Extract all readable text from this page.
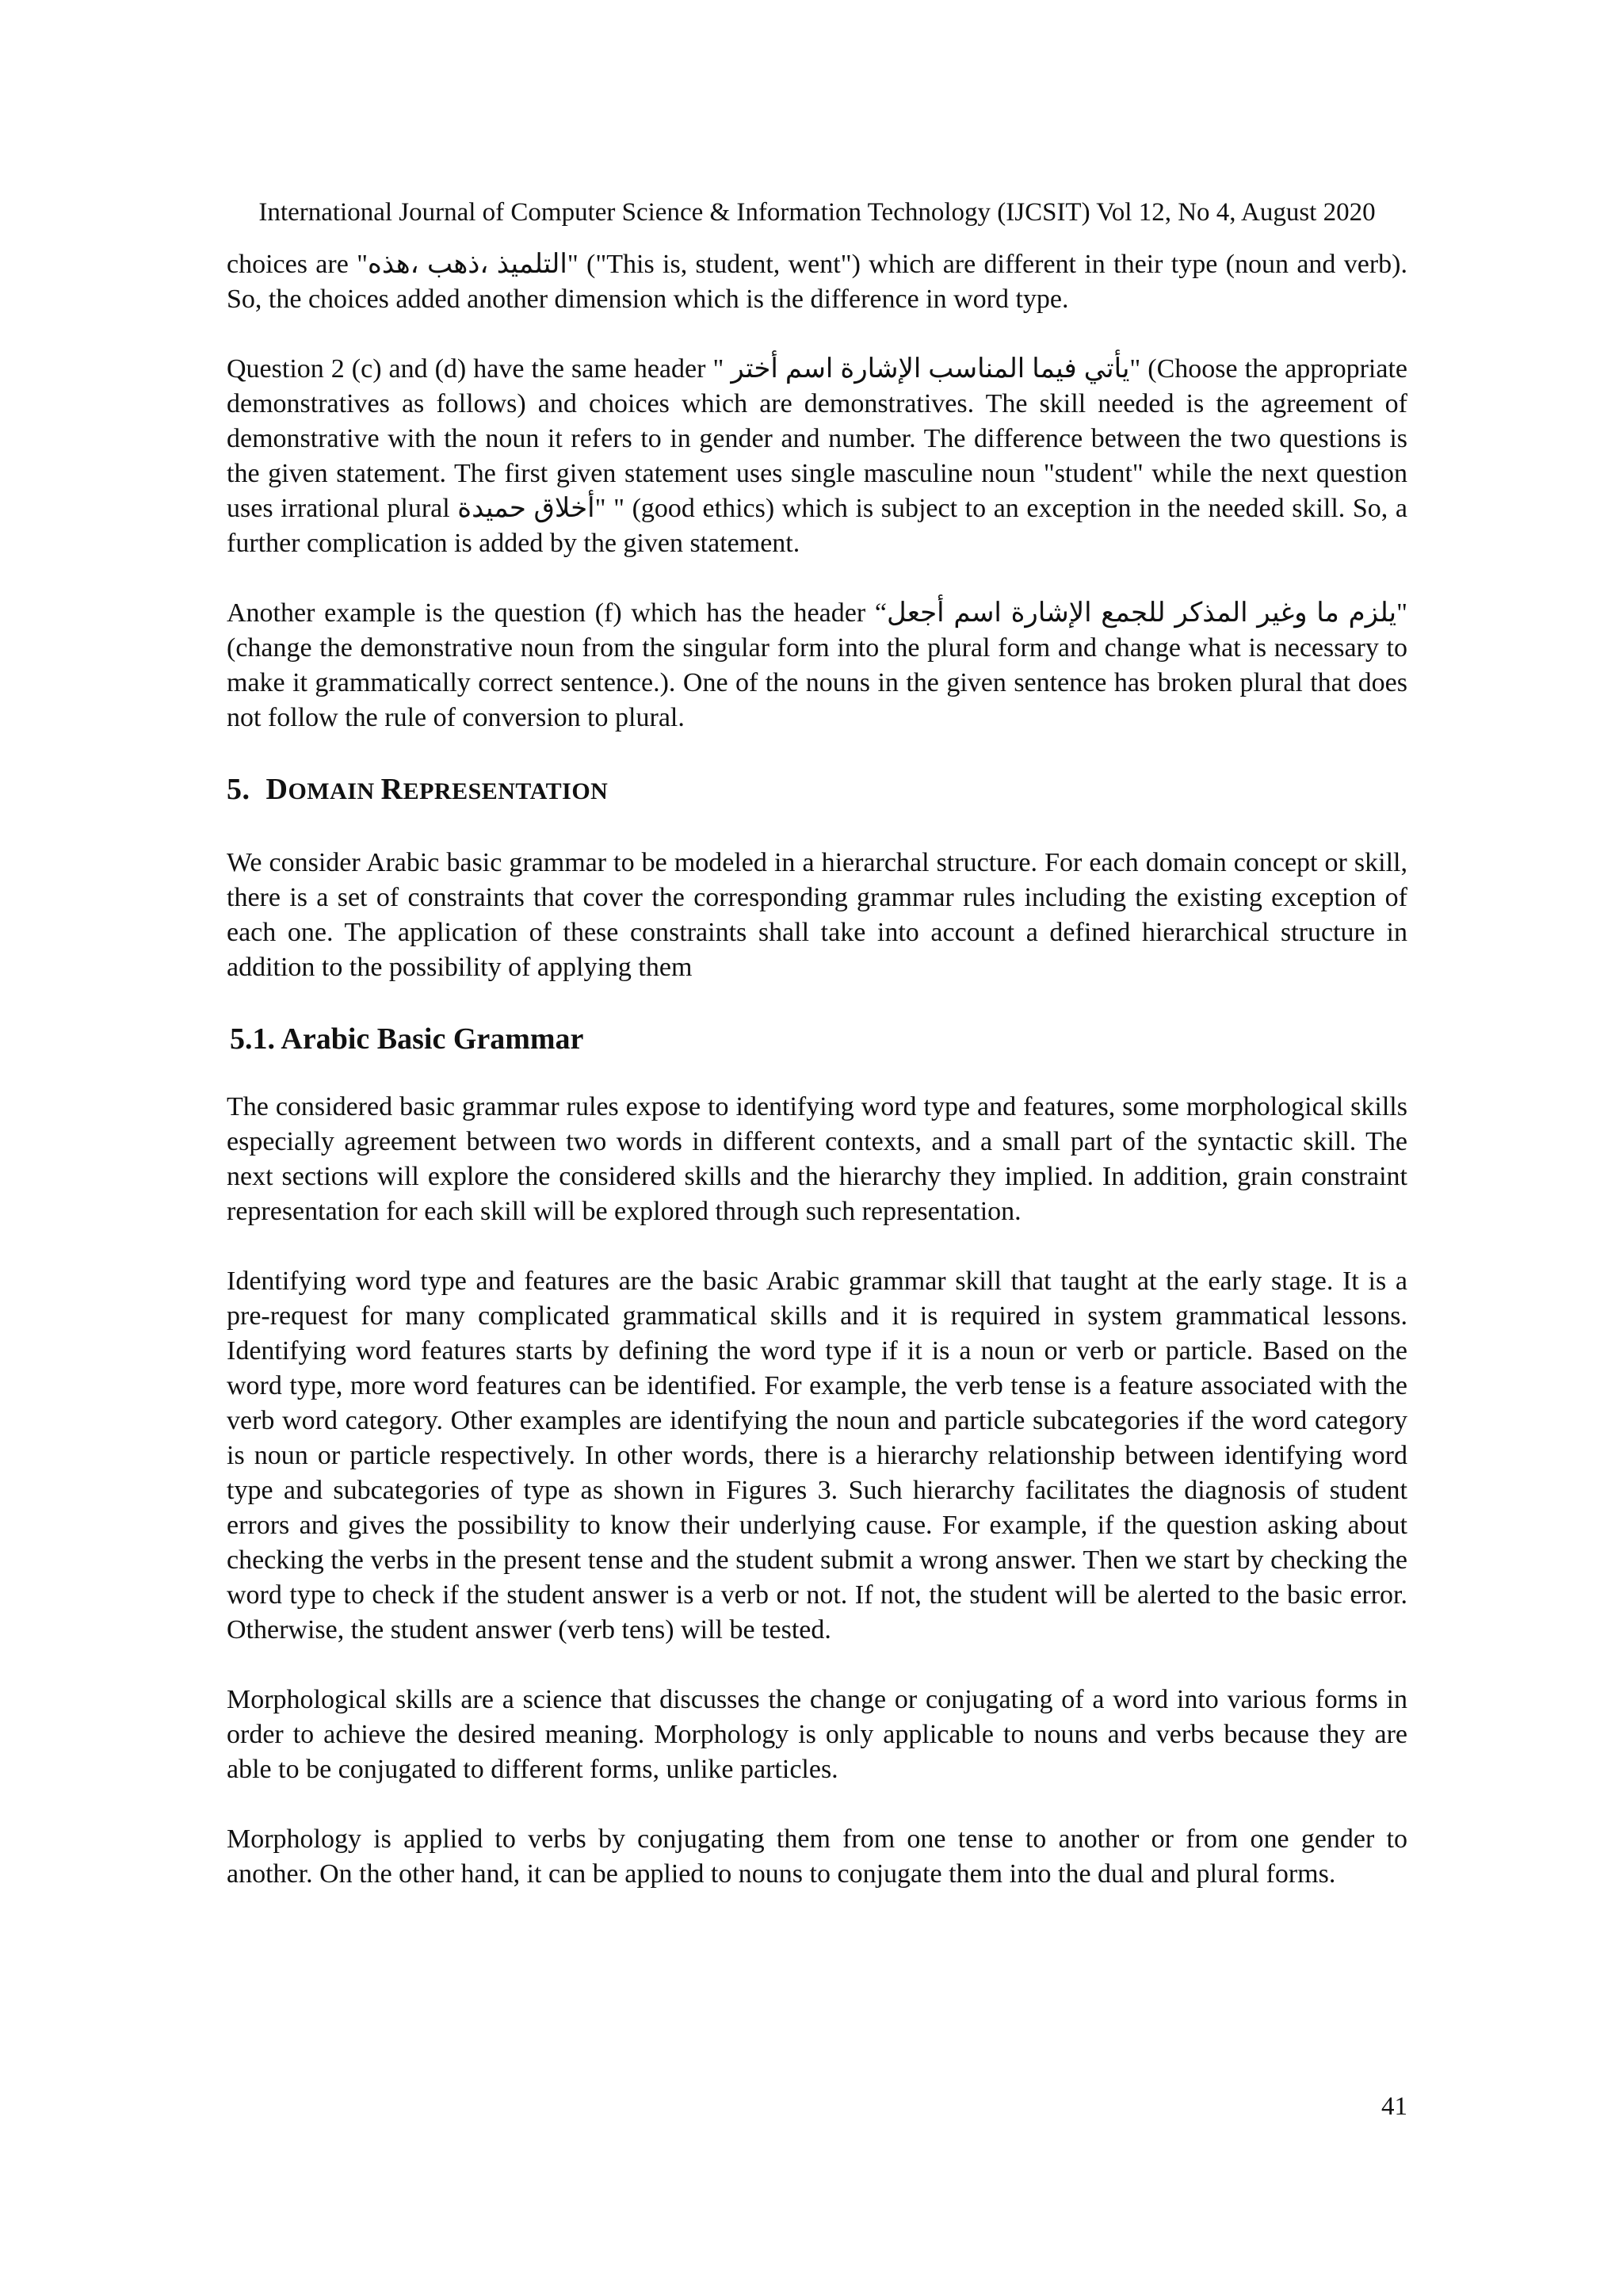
International Journal of Computer Science & Information Technology (IJCSIT) Vol 12, No 4, August 2020

choices are "التلميذ ،ذهب ،هذه" ("This is, student, went") which are different in their type (noun and verb). So, the choices added another dimension which is the difference in word type.

Question 2 (c) and (d) have the same header " يأتي فيما المناسب الإشارة اسم أختر" (Choose the appropriate demonstratives as follows) and choices which are demonstratives. The skill needed is the agreement of demonstrative with the noun it refers to in gender and number. The difference between the two questions is the given statement. The first given statement uses single masculine noun "student" while the next question uses irrational plural أخلاق حميدة" " (good ethics) which is subject to an exception in the needed skill. So, a further complication is added by the given statement.

Another example is the question (f) which has the header “يلزم ما وغير المذكر للجمع الإشارة اسم أجعل" (change the demonstrative noun from the singular form into the plural form and change what is necessary to make it grammatically correct sentence.). One of the nouns in the given sentence has broken plural that does not follow the rule of conversion to plural.

5. DOMAIN REPRESENTATION

We consider Arabic basic grammar to be modeled in a hierarchal structure. For each domain concept or skill, there is a set of constraints that cover the corresponding grammar rules including the existing exception of each one. The application of these constraints shall take into account a defined hierarchical structure in addition to the possibility of applying them

5.1. Arabic Basic Grammar

The considered basic grammar rules expose to identifying word type and features, some morphological skills especially agreement between two words in different contexts, and a small part of the syntactic skill. The next sections will explore the considered skills and the hierarchy they implied. In addition, grain constraint representation for each skill will be explored through such representation.

Identifying word type and features are the basic Arabic grammar skill that taught at the early stage. It is a pre-request for many complicated grammatical skills and it is required in system grammatical lessons. Identifying word features starts by defining the word type if it is a noun or verb or particle. Based on the word type, more word features can be identified. For example, the verb tense is a feature associated with the verb word category. Other examples are identifying the noun and particle subcategories if the word category is noun or particle respectively. In other words, there is a hierarchy relationship between identifying word type and subcategories of type as shown in Figures 3. Such hierarchy facilitates the diagnosis of student errors and gives the possibility to know their underlying cause. For example, if the question asking about checking the verbs in the present tense and the student submit a wrong answer. Then we start by checking the word type to check if the student answer is a verb or not. If not, the student will be alerted to the basic error. Otherwise, the student answer (verb tens) will be tested.

Morphological skills are a science that discusses the change or conjugating of a word into various forms in order to achieve the desired meaning. Morphology is only applicable to nouns and verbs because they are able to be conjugated to different forms, unlike particles.

Morphology is applied to verbs by conjugating them from one tense to another or from one gender to another. On the other hand, it can be applied to nouns to conjugate them into the dual and plural forms.

41
